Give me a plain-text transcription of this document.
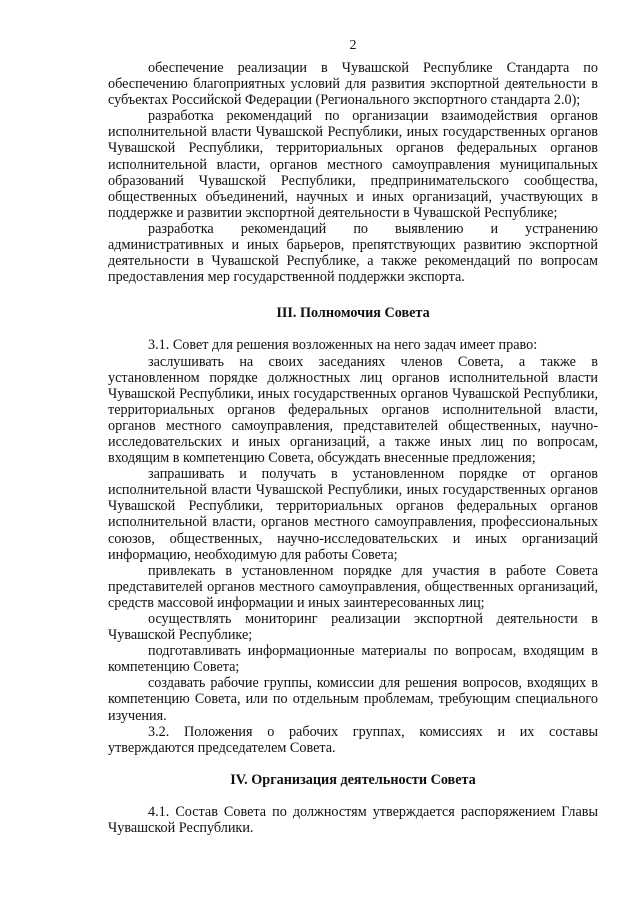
2

обеспечение реализации в Чувашской Республике Стандарта по обеспечению благоприятных условий для развития экспортной деятельности в субъектах Российской Федерации (Регионального экспортного стандарта 2.0);

разработка рекомендаций по организации взаимодействия органов исполнительной власти Чувашской Республики, иных государственных органов Чувашской Республики, территориальных органов федеральных органов исполнительной власти, органов местного самоуправления муниципальных образований Чувашской Республики, предпринимательского сообщества, общественных объединений, научных и иных организаций, участвующих в поддержке и развитии экспортной деятельности в Чувашской Республике;

разработка рекомендаций по выявлению и устранению административных и иных барьеров, препятствующих развитию экспортной деятельности в Чувашской Республике, а также рекомендаций по вопросам предоставления мер государственной поддержки экспорта.

III. Полномочия Совета

3.1. Совет для решения возложенных на него задач имеет право:

заслушивать на своих заседаниях членов Совета, а также в установленном порядке должностных лиц органов исполнительной власти Чувашской Республики, иных государственных органов Чувашской Республики, территориальных органов федеральных органов исполнительной власти, органов местного самоуправления, представителей общественных, научно-исследовательских и иных организаций, а также иных лиц по вопросам, входящим в компетенцию Совета, обсуждать внесенные предложения;

запрашивать и получать в установленном порядке от органов исполнительной власти Чувашской Республики, иных государственных органов Чувашской Республики, территориальных органов федеральных органов исполнительной власти, органов местного самоуправления, профессиональных союзов, общественных, научно-исследовательских и иных организаций информацию, необходимую для работы Совета;

привлекать в установленном порядке для участия в работе Совета представителей органов местного самоуправления, общественных организаций, средств массовой информации и иных заинтересованных лиц;

осуществлять мониторинг реализации экспортной деятельности в Чувашской Республике;

подготавливать информационные материалы по вопросам, входящим в компетенцию Совета;

создавать рабочие группы, комиссии для решения вопросов, входящих в компетенцию Совета, или по отдельным проблемам, требующим специального изучения.

3.2. Положения о рабочих группах, комиссиях и их составы утверждаются председателем Совета.

IV. Организация деятельности Совета

4.1. Состав Совета по должностям утверждается распоряжением Главы Чувашской Республики.
